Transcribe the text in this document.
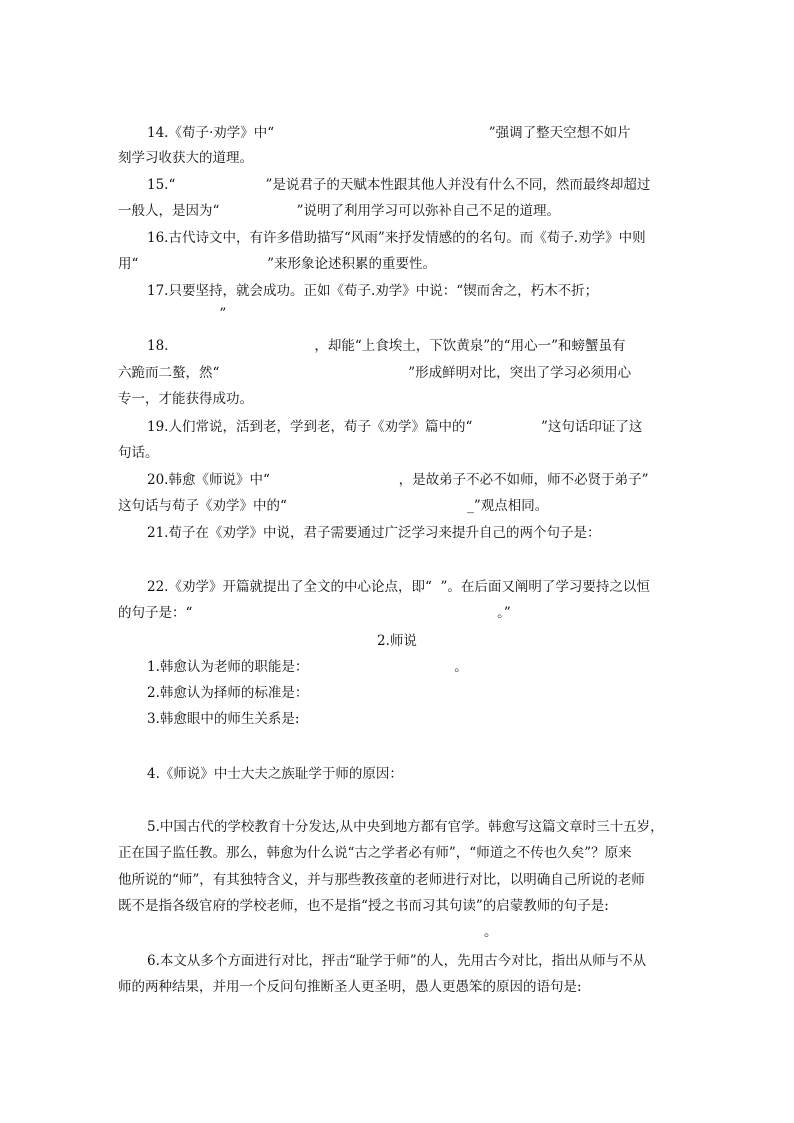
14.《荀子·劝学》中“                                                  ”强调了整天空想不如片
刻学习收获大的道理。
15.“                     ”是说君子的天赋本性跟其他人并没有什么不同，然而最终却超过
一般人，是因为“                  ”说明了利用学习可以弥补自己不足的道理。
16.古代诗文中，有许多借助描写“风雨”来抒发情感的的名句。而《荀子.劝学》中则
用“                              ”来形象论述积累的重要性。
17.只要坚持，就会成功。正如《荀子.劝学》中说：“锲而舍之，朽木不折；
”
18.                                  ，却能“上食埃土，下饮黄泉”的“用心一”和螃蟹虽有
六跪而二螯，然“                                            ”形成鲜明对比，突出了学习必须用心
专一，才能获得成功。
19.人们常说，活到老，学到老，荀子《劝学》篇中的“                ”这句话印证了这
句话。
20.韩愈《师说》中“                              ，是故弟子不必不如师，师不必贤于弟子”
这句话与荀子《劝学》中的“                                          _”观点相同。
21.荀子在《劝学》中说，君子需要通过广泛学习来提升自己的两个句子是：
22.《劝学》开篇就提出了全文的中心论点，即“  ”。在后面又阐明了学习要持之以恒
的句子是：“                                                                       。”
2.师说
1.韩愈认为老师的职能是：                                  。
2.韩愈认为择师的标准是：
3.韩愈眼中的师生关系是:
4.《师说》中士大夫之族耻学于师的原因：
5.中国古代的学校教育十分发达,从中央到地方都有官学。韩愈写这篇文章时三十五岁，
正在国子监任教。那么，韩愈为什么说“古之学者必有师”，“师道之不传也久矣”？原来
他所说的“师”，有其独特含义，并与那些教孩童的老师进行对比，以明确自己所说的老师
既不是指各级官府的学校老师，也不是指“授之书而习其句读”的启蒙教师的句子是:
。
6.本文从多个方面进行对比，抨击“耻学于师”的人，先用古今对比，指出从师与不从
师的两种结果，并用一个反问句推断圣人更圣明，愚人更愚笨的原因的语句是:
